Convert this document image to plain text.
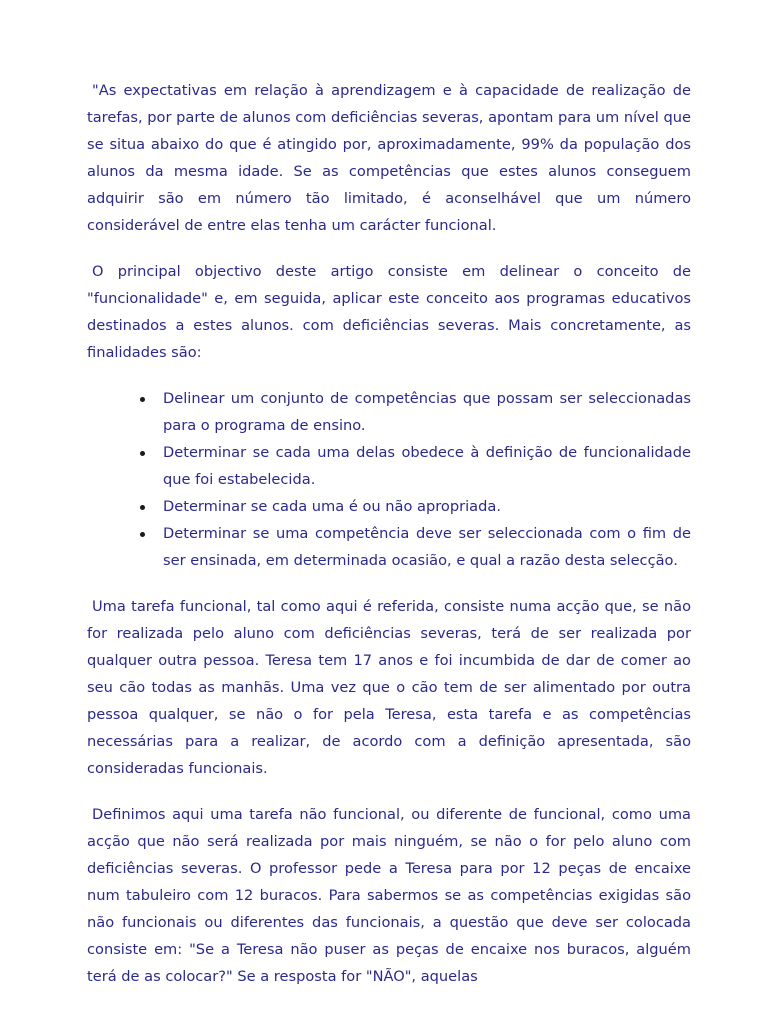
"As expectativas em relação à aprendizagem e à capacidade de realização de tarefas, por parte de alunos com deficiências severas, apontam para um nível que se situa abaixo do que é atingido por, aproximadamente, 99% da população dos alunos da mesma idade. Se as competências que estes alunos conseguem adquirir são em número tão limitado, é aconselhável que um número considerável de entre elas tenha um carácter funcional.

O principal objectivo deste artigo consiste em delinear o conceito de "funcionalidade" e, em seguida, aplicar este conceito aos programas educativos destinados a estes alunos. com deficiências severas. Mais concretamente, as finalidades são:

Delinear um conjunto de competências que possam ser seleccionadas para o programa de ensino.
Determinar se cada uma delas obedece à definição de funcionalidade que foi estabelecida.
Determinar se cada uma é ou não apropriada.
Determinar se uma competência deve ser seleccionada com o fim de ser ensinada, em determinada ocasião, e qual a razão desta selecção.

Uma tarefa funcional, tal como aqui é referida, consiste numa acção que, se não for realizada pelo aluno com deficiências severas, terá de ser realizada por qualquer outra pessoa. Teresa tem 17 anos e foi incumbida de dar de comer ao seu cão todas as manhãs. Uma vez que o cão tem de ser alimentado por outra pessoa qualquer, se não o for pela Teresa, esta tarefa e as competências necessárias para a realizar, de acordo com a definição apresentada, são consideradas funcionais.

Definimos aqui uma tarefa não funcional, ou diferente de funcional, como uma acção que não será realizada por mais ninguém, se não o for pelo aluno com deficiências severas. O professor pede a Teresa para por 12 peças de encaixe num tabuleiro com 12 buracos. Para sabermos se as competências exigidas são não funcionais ou diferentes das funcionais, a questão que deve ser colocada consiste em: "Se a Teresa não puser as peças de encaixe nos buracos, alguém terá de as colocar?" Se a resposta for "NÃO", aquelas
